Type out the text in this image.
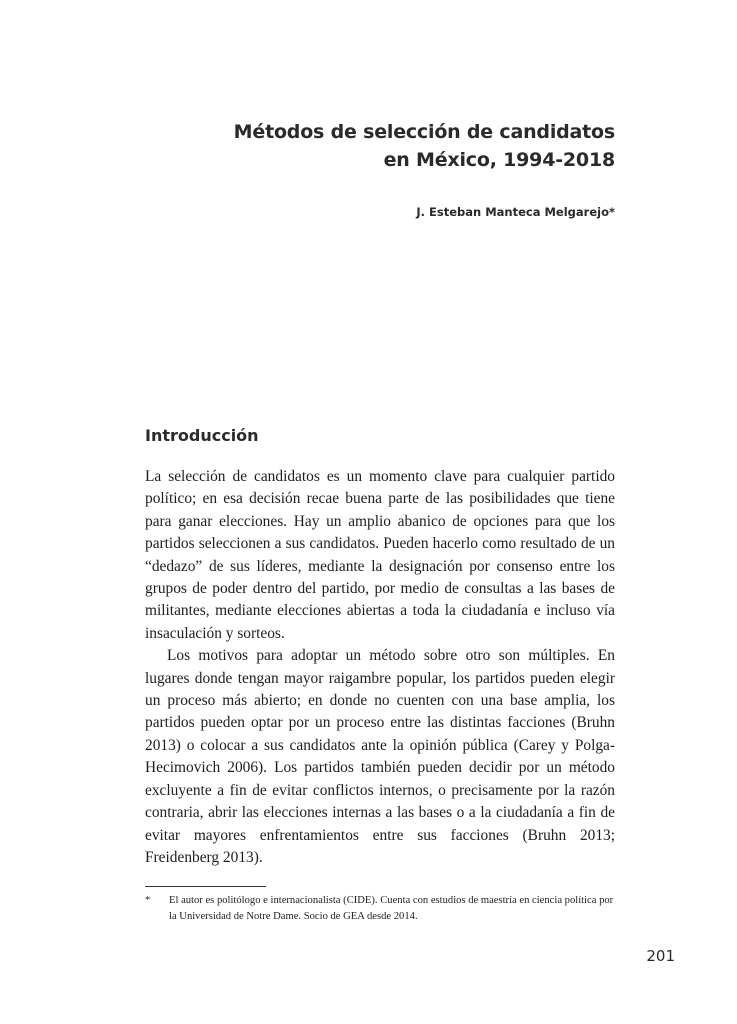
Métodos de selección de candidatos
en México, 1994-2018
J. Esteban Manteca Melgarejo*
Introducción

La selección de candidatos es un momento clave para cualquier partido político; en esa decisión recae buena parte de las posibilidades que tiene para ganar elecciones. Hay un amplio abanico de opciones para que los partidos seleccionen a sus candidatos. Pueden hacerlo como resultado de un “dedazo” de sus líderes, mediante la designación por consenso entre los grupos de poder dentro del partido, por medio de consultas a las bases de militantes, mediante elecciones abiertas a toda la ciudadanía e incluso vía insaculación y sorteos.

Los motivos para adoptar un método sobre otro son múltiples. En lugares donde tengan mayor raigambre popular, los partidos pueden elegir un proceso más abierto; en donde no cuenten con una base amplia, los partidos pueden optar por un proceso entre las distintas facciones (Bruhn 2013) o colocar a sus candidatos ante la opinión pública (Carey y Polga-Hecimovich 2006). Los partidos también pueden decidir por un método excluyente a fin de evitar conflictos internos, o precisamente por la razón contraria, abrir las elecciones internas a las bases o a la ciudadanía a fin de evitar mayores enfrentamientos entre sus facciones (Bruhn 2013; Freidenberg 2013).

* El autor es politólogo e internacionalista (CIDE). Cuenta con estudios de maestría en ciencia política por la Universidad de Notre Dame. Socio de GEA desde 2014.
201
